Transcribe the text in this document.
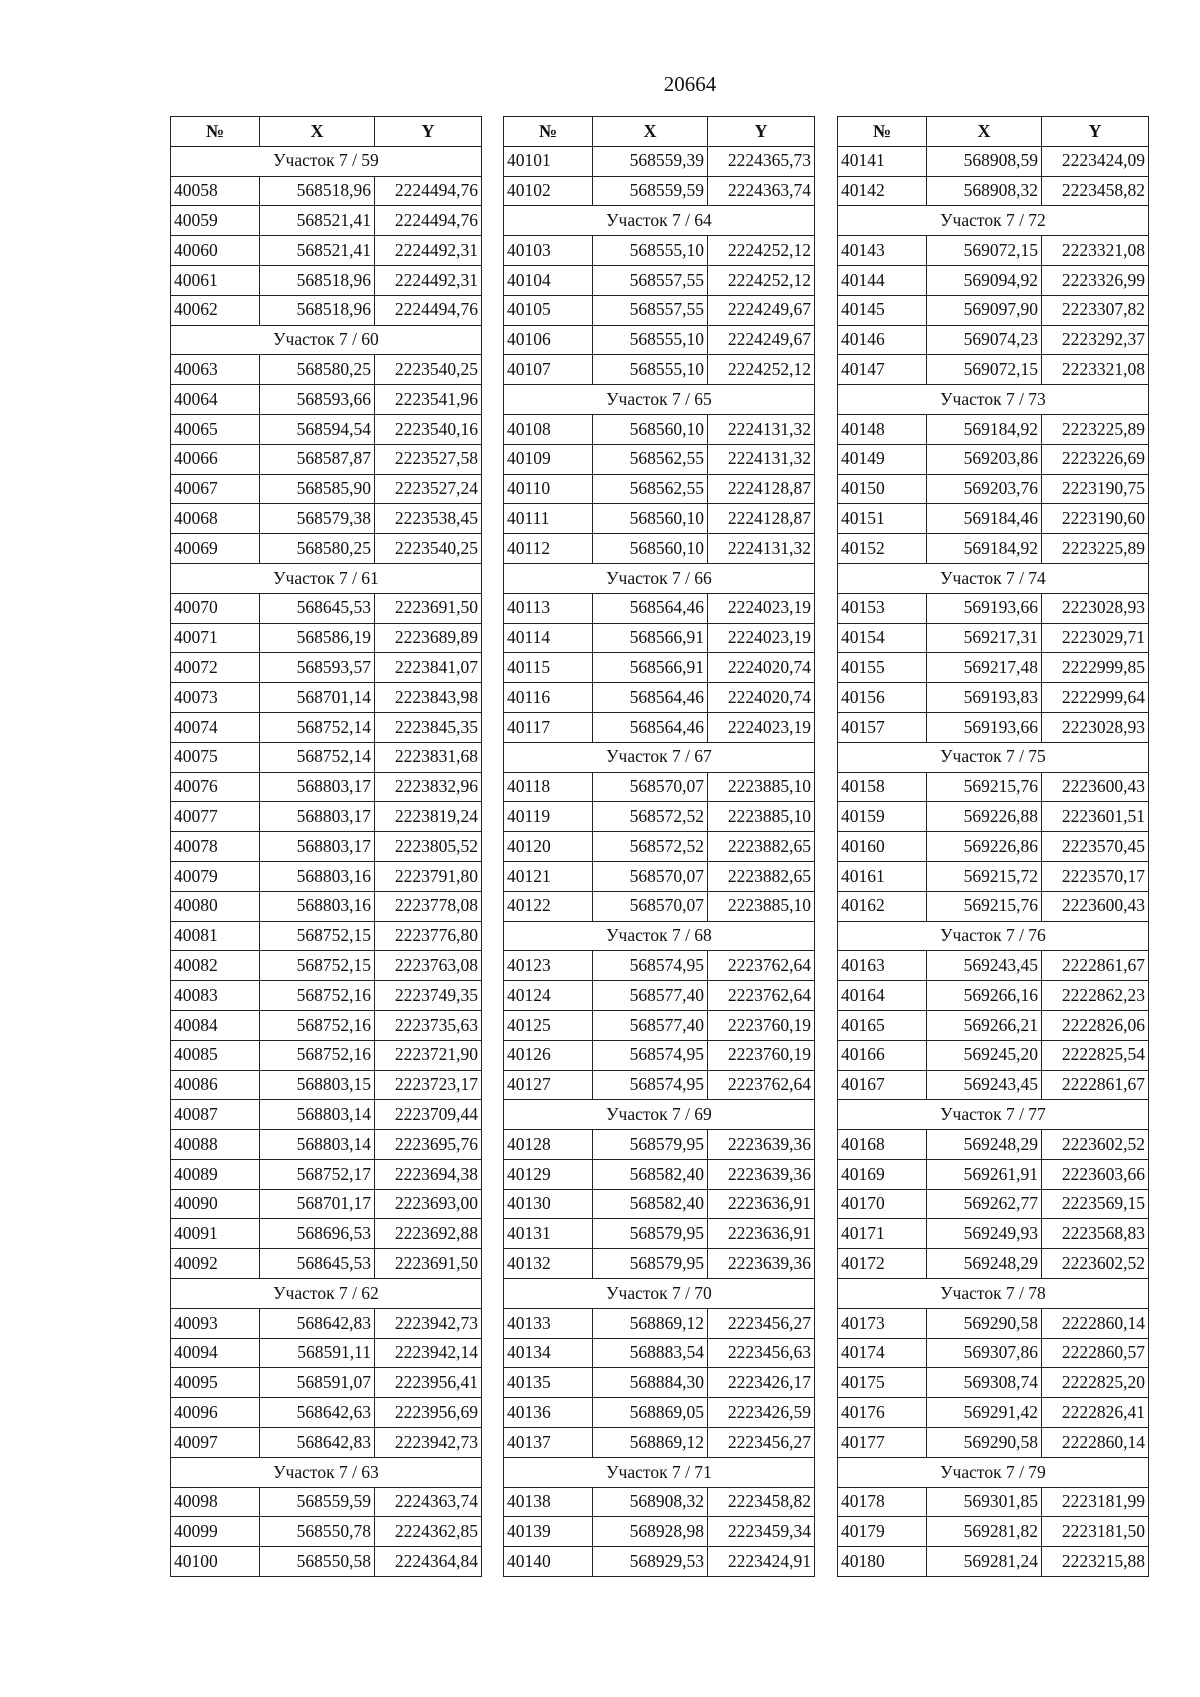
20664
№	X	Y
Участок 7 / 59		
40058	568518,96	2224494,76
40059	568521,41	2224494,76
40060	568521,41	2224492,31
40061	568518,96	2224492,31
40062	568518,96	2224494,76
Участок 7 / 60		
40063	568580,25	2223540,25
40064	568593,66	2223541,96
40065	568594,54	2223540,16
40066	568587,87	2223527,58
40067	568585,90	2223527,24
40068	568579,38	2223538,45
40069	568580,25	2223540,25
Участок 7 / 61		
40070	568645,53	2223691,50
40071	568586,19	2223689,89
40072	568593,57	2223841,07
40073	568701,14	2223843,98
40074	568752,14	2223845,35
40075	568752,14	2223831,68
40076	568803,17	2223832,96
40077	568803,17	2223819,24
40078	568803,17	2223805,52
40079	568803,16	2223791,80
40080	568803,16	2223778,08
40081	568752,15	2223776,80
40082	568752,15	2223763,08
40083	568752,16	2223749,35
40084	568752,16	2223735,63
40085	568752,16	2223721,90
40086	568803,15	2223723,17
40087	568803,14	2223709,44
40088	568803,14	2223695,76
40089	568752,17	2223694,38
40090	568701,17	2223693,00
40091	568696,53	2223692,88
40092	568645,53	2223691,50
Участок 7 / 62		
40093	568642,83	2223942,73
40094	568591,11	2223942,14
40095	568591,07	2223956,41
40096	568642,63	2223956,69
40097	568642,83	2223942,73
Участок 7 / 63		
40098	568559,59	2224363,74
40099	568550,78	2224362,85
40100	568550,58	2224364,84
№	X	Y
40101	568559,39	2224365,73
40102	568559,59	2224363,74
Участок 7 / 64		
40103	568555,10	2224252,12
40104	568557,55	2224252,12
40105	568557,55	2224249,67
40106	568555,10	2224249,67
40107	568555,10	2224252,12
Участок 7 / 65		
40108	568560,10	2224131,32
40109	568562,55	2224131,32
40110	568562,55	2224128,87
40111	568560,10	2224128,87
40112	568560,10	2224131,32
Участок 7 / 66		
40113	568564,46	2224023,19
40114	568566,91	2224023,19
40115	568566,91	2224020,74
40116	568564,46	2224020,74
40117	568564,46	2224023,19
Участок 7 / 67		
40118	568570,07	2223885,10
40119	568572,52	2223885,10
40120	568572,52	2223882,65
40121	568570,07	2223882,65
40122	568570,07	2223885,10
Участок 7 / 68		
40123	568574,95	2223762,64
40124	568577,40	2223762,64
40125	568577,40	2223760,19
40126	568574,95	2223760,19
40127	568574,95	2223762,64
Участок 7 / 69		
40128	568579,95	2223639,36
40129	568582,40	2223639,36
40130	568582,40	2223636,91
40131	568579,95	2223636,91
40132	568579,95	2223639,36
Участок 7 / 70		
40133	568869,12	2223456,27
40134	568883,54	2223456,63
40135	568884,30	2223426,17
40136	568869,05	2223426,59
40137	568869,12	2223456,27
Участок 7 / 71		
40138	568908,32	2223458,82
40139	568928,98	2223459,34
40140	568929,53	2223424,91
№	X	Y
40141	568908,59	2223424,09
40142	568908,32	2223458,82
Участок 7 / 72		
40143	569072,15	2223321,08
40144	569094,92	2223326,99
40145	569097,90	2223307,82
40146	569074,23	2223292,37
40147	569072,15	2223321,08
Участок 7 / 73		
40148	569184,92	2223225,89
40149	569203,86	2223226,69
40150	569203,76	2223190,75
40151	569184,46	2223190,60
40152	569184,92	2223225,89
Участок 7 / 74		
40153	569193,66	2223028,93
40154	569217,31	2223029,71
40155	569217,48	2222999,85
40156	569193,83	2222999,64
40157	569193,66	2223028,93
Участок 7 / 75		
40158	569215,76	2223600,43
40159	569226,88	2223601,51
40160	569226,86	2223570,45
40161	569215,72	2223570,17
40162	569215,76	2223600,43
Участок 7 / 76		
40163	569243,45	2222861,67
40164	569266,16	2222862,23
40165	569266,21	2222826,06
40166	569245,20	2222825,54
40167	569243,45	2222861,67
Участок 7 / 77		
40168	569248,29	2223602,52
40169	569261,91	2223603,66
40170	569262,77	2223569,15
40171	569249,93	2223568,83
40172	569248,29	2223602,52
Участок 7 / 78		
40173	569290,58	2222860,14
40174	569307,86	2222860,57
40175	569308,74	2222825,20
40176	569291,42	2222826,41
40177	569290,58	2222860,14
Участок 7 / 79		
40178	569301,85	2223181,99
40179	569281,82	2223181,50
40180	569281,24	2223215,88
